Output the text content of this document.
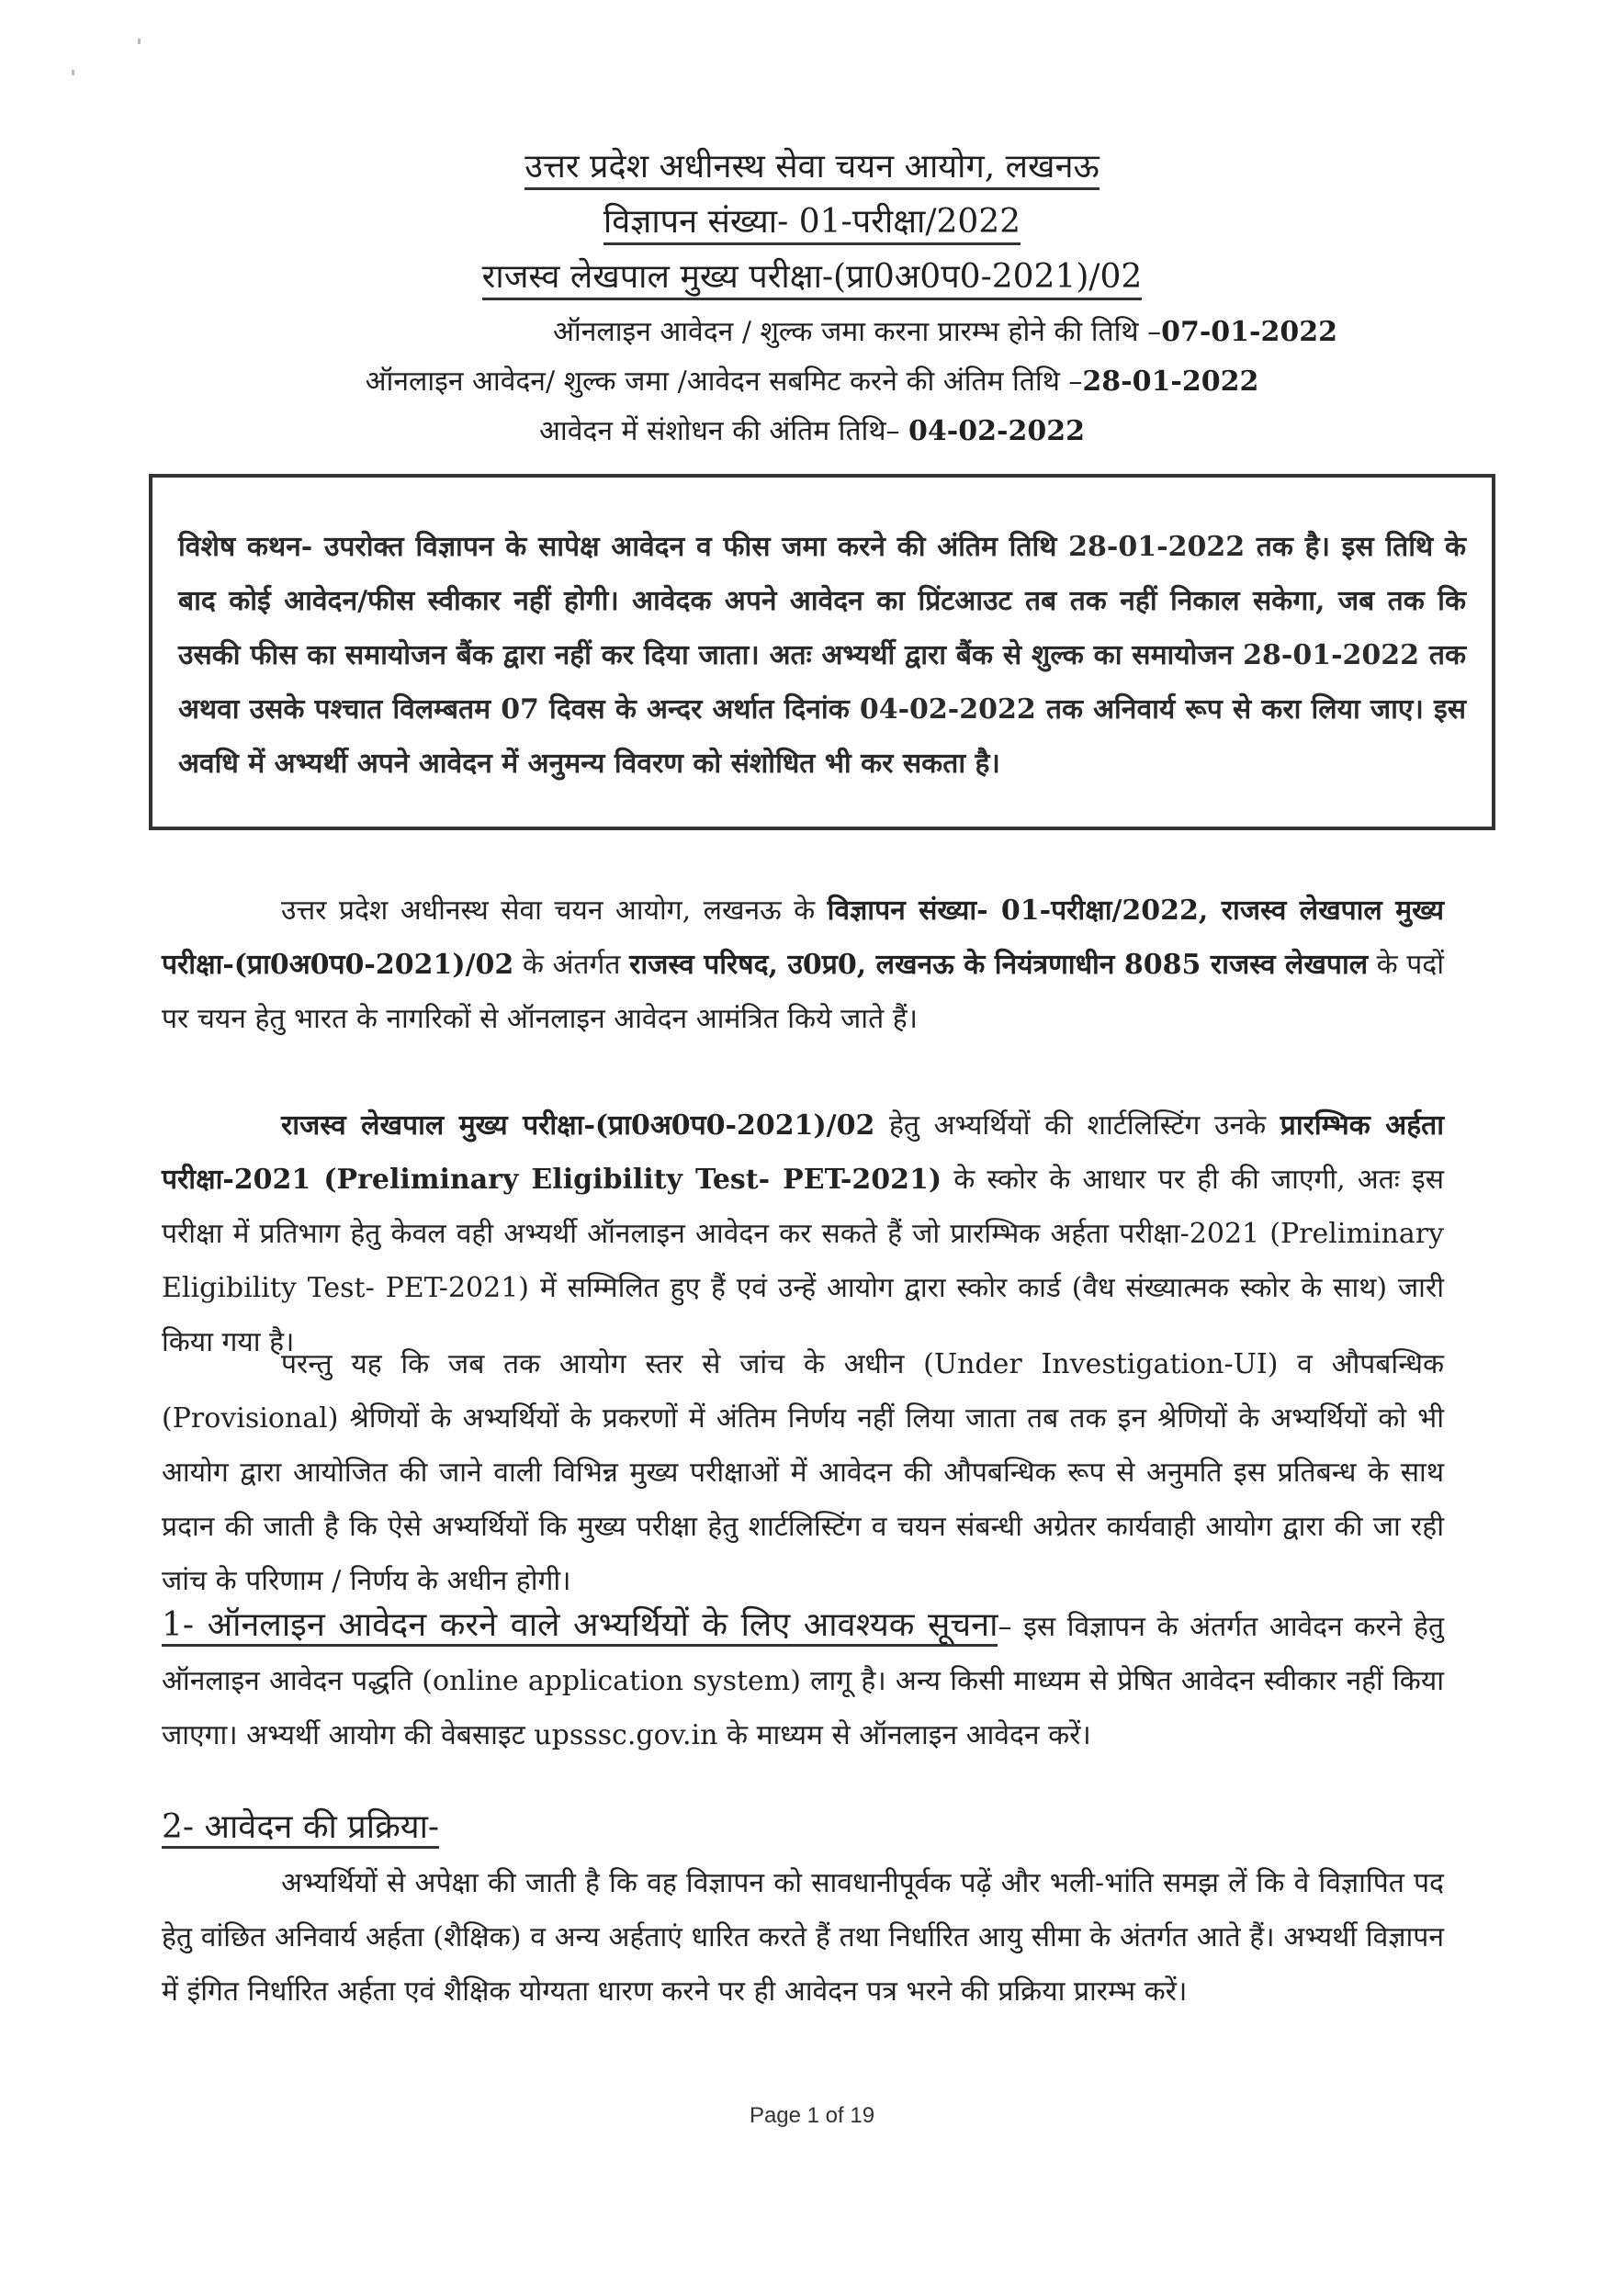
उत्तर प्रदेश अधीनस्थ सेवा चयन आयोग, लखनऊ
विज्ञापन संख्या- 01-परीक्षा/2022
राजस्व लेखपाल मुख्य परीक्षा-(प्रा0अ0प0-2021)/02
ऑनलाइन आवेदन / शुल्क जमा करना प्रारम्भ होने की तिथि –07-01-2022
ऑनलाइन आवेदन/ शुल्क जमा /आवेदन सबमिट करने की अंतिम तिथि –28-01-2022
आवेदन में संशोधन की अंतिम तिथि– 04-02-2022

विशेष कथन- उपरोक्त विज्ञापन के सापेक्ष आवेदन व फीस जमा करने की अंतिम तिथि 28-01-2022 तक है। इस तिथि के बाद कोई आवेदन/फीस स्वीकार नहीं होगी। आवेदक अपने आवेदन का प्रिंटआउट तब तक नहीं निकाल सकेगा, जब तक कि उसकी फीस का समायोजन बैंक द्वारा नहीं कर दिया जाता। अतः अभ्यर्थी द्वारा बैंक से शुल्क का समायोजन 28-01-2022 तक अथवा उसके पश्चात विलम्बतम 07 दिवस के अन्दर अर्थात दिनांक 04-02-2022 तक अनिवार्य रूप से करा लिया जाए। इस अवधि में अभ्यर्थी अपने आवेदन में अनुमन्य विवरण को संशोधित भी कर सकता है।

उत्तर प्रदेश अधीनस्थ सेवा चयन आयोग, लखनऊ के विज्ञापन संख्या- 01-परीक्षा/2022, राजस्व लेखपाल मुख्य परीक्षा-(प्रा0अ0प0-2021)/02 के अंतर्गत राजस्व परिषद, उ0प्र0, लखनऊ के नियंत्रणाधीन 8085 राजस्व लेखपाल के पदों पर चयन हेतु भारत के नागरिकों से ऑनलाइन आवेदन आमंत्रित किये जाते हैं।

राजस्व लेखपाल मुख्य परीक्षा-(प्रा0अ0प0-2021)/02 हेतु अभ्यर्थियों की शार्टलिस्टिंग उनके प्रारम्भिक अर्हता परीक्षा-2021 (Preliminary Eligibility Test- PET-2021) के स्कोर के आधार पर ही की जाएगी, अतः इस परीक्षा में प्रतिभाग हेतु केवल वही अभ्यर्थी ऑनलाइन आवेदन कर सकते हैं जो प्रारम्भिक अर्हता परीक्षा-2021 (Preliminary Eligibility Test- PET-2021) में सम्मिलित हुए हैं एवं उन्हें आयोग द्वारा स्कोर कार्ड (वैध संख्यात्मक स्कोर के साथ) जारी किया गया है।

परन्तु यह कि जब तक आयोग स्तर से जांच के अधीन (Under Investigation-UI) व औपबन्धिक (Provisional) श्रेणियों के अभ्यर्थियों के प्रकरणों में अंतिम निर्णय नहीं लिया जाता तब तक इन श्रेणियों के अभ्यर्थियों को भी आयोग द्वारा आयोजित की जाने वाली विभिन्न मुख्य परीक्षाओं में आवेदन की औपबन्धिक रूप से अनुमति इस प्रतिबन्ध के साथ प्रदान की जाती है कि ऐसे अभ्यर्थियों कि मुख्य परीक्षा हेतु शार्टलिस्टिंग व चयन संबन्धी अग्रेतर कार्यवाही आयोग द्वारा की जा रही जांच के परिणाम / निर्णय के अधीन होगी।

1- ऑनलाइन आवेदन करने वाले अभ्यर्थियों के लिए आवश्यक सूचना– इस विज्ञापन के अंतर्गत आवेदन करने हेतु ऑनलाइन आवेदन पद्धति (online application system) लागू है। अन्य किसी माध्यम से प्रेषित आवेदन स्वीकार नहीं किया जाएगा। अभ्यर्थी आयोग की वेबसाइट upsssc.gov.in के माध्यम से ऑनलाइन आवेदन करें।

2- आवेदन की प्रक्रिया-

अभ्यर्थियों से अपेक्षा की जाती है कि वह विज्ञापन को सावधानीपूर्वक पढ़ें और भली-भांति समझ लें कि वे विज्ञापित पद हेतु वांछित अनिवार्य अर्हता (शैक्षिक) व अन्य अर्हताएं धारित करते हैं तथा निर्धारित आयु सीमा के अंतर्गत आते हैं। अभ्यर्थी विज्ञापन में इंगित निर्धारित अर्हता एवं शैक्षिक योग्यता धारण करने पर ही आवेदन पत्र भरने की प्रक्रिया प्रारम्भ करें।

Page 1 of 19
